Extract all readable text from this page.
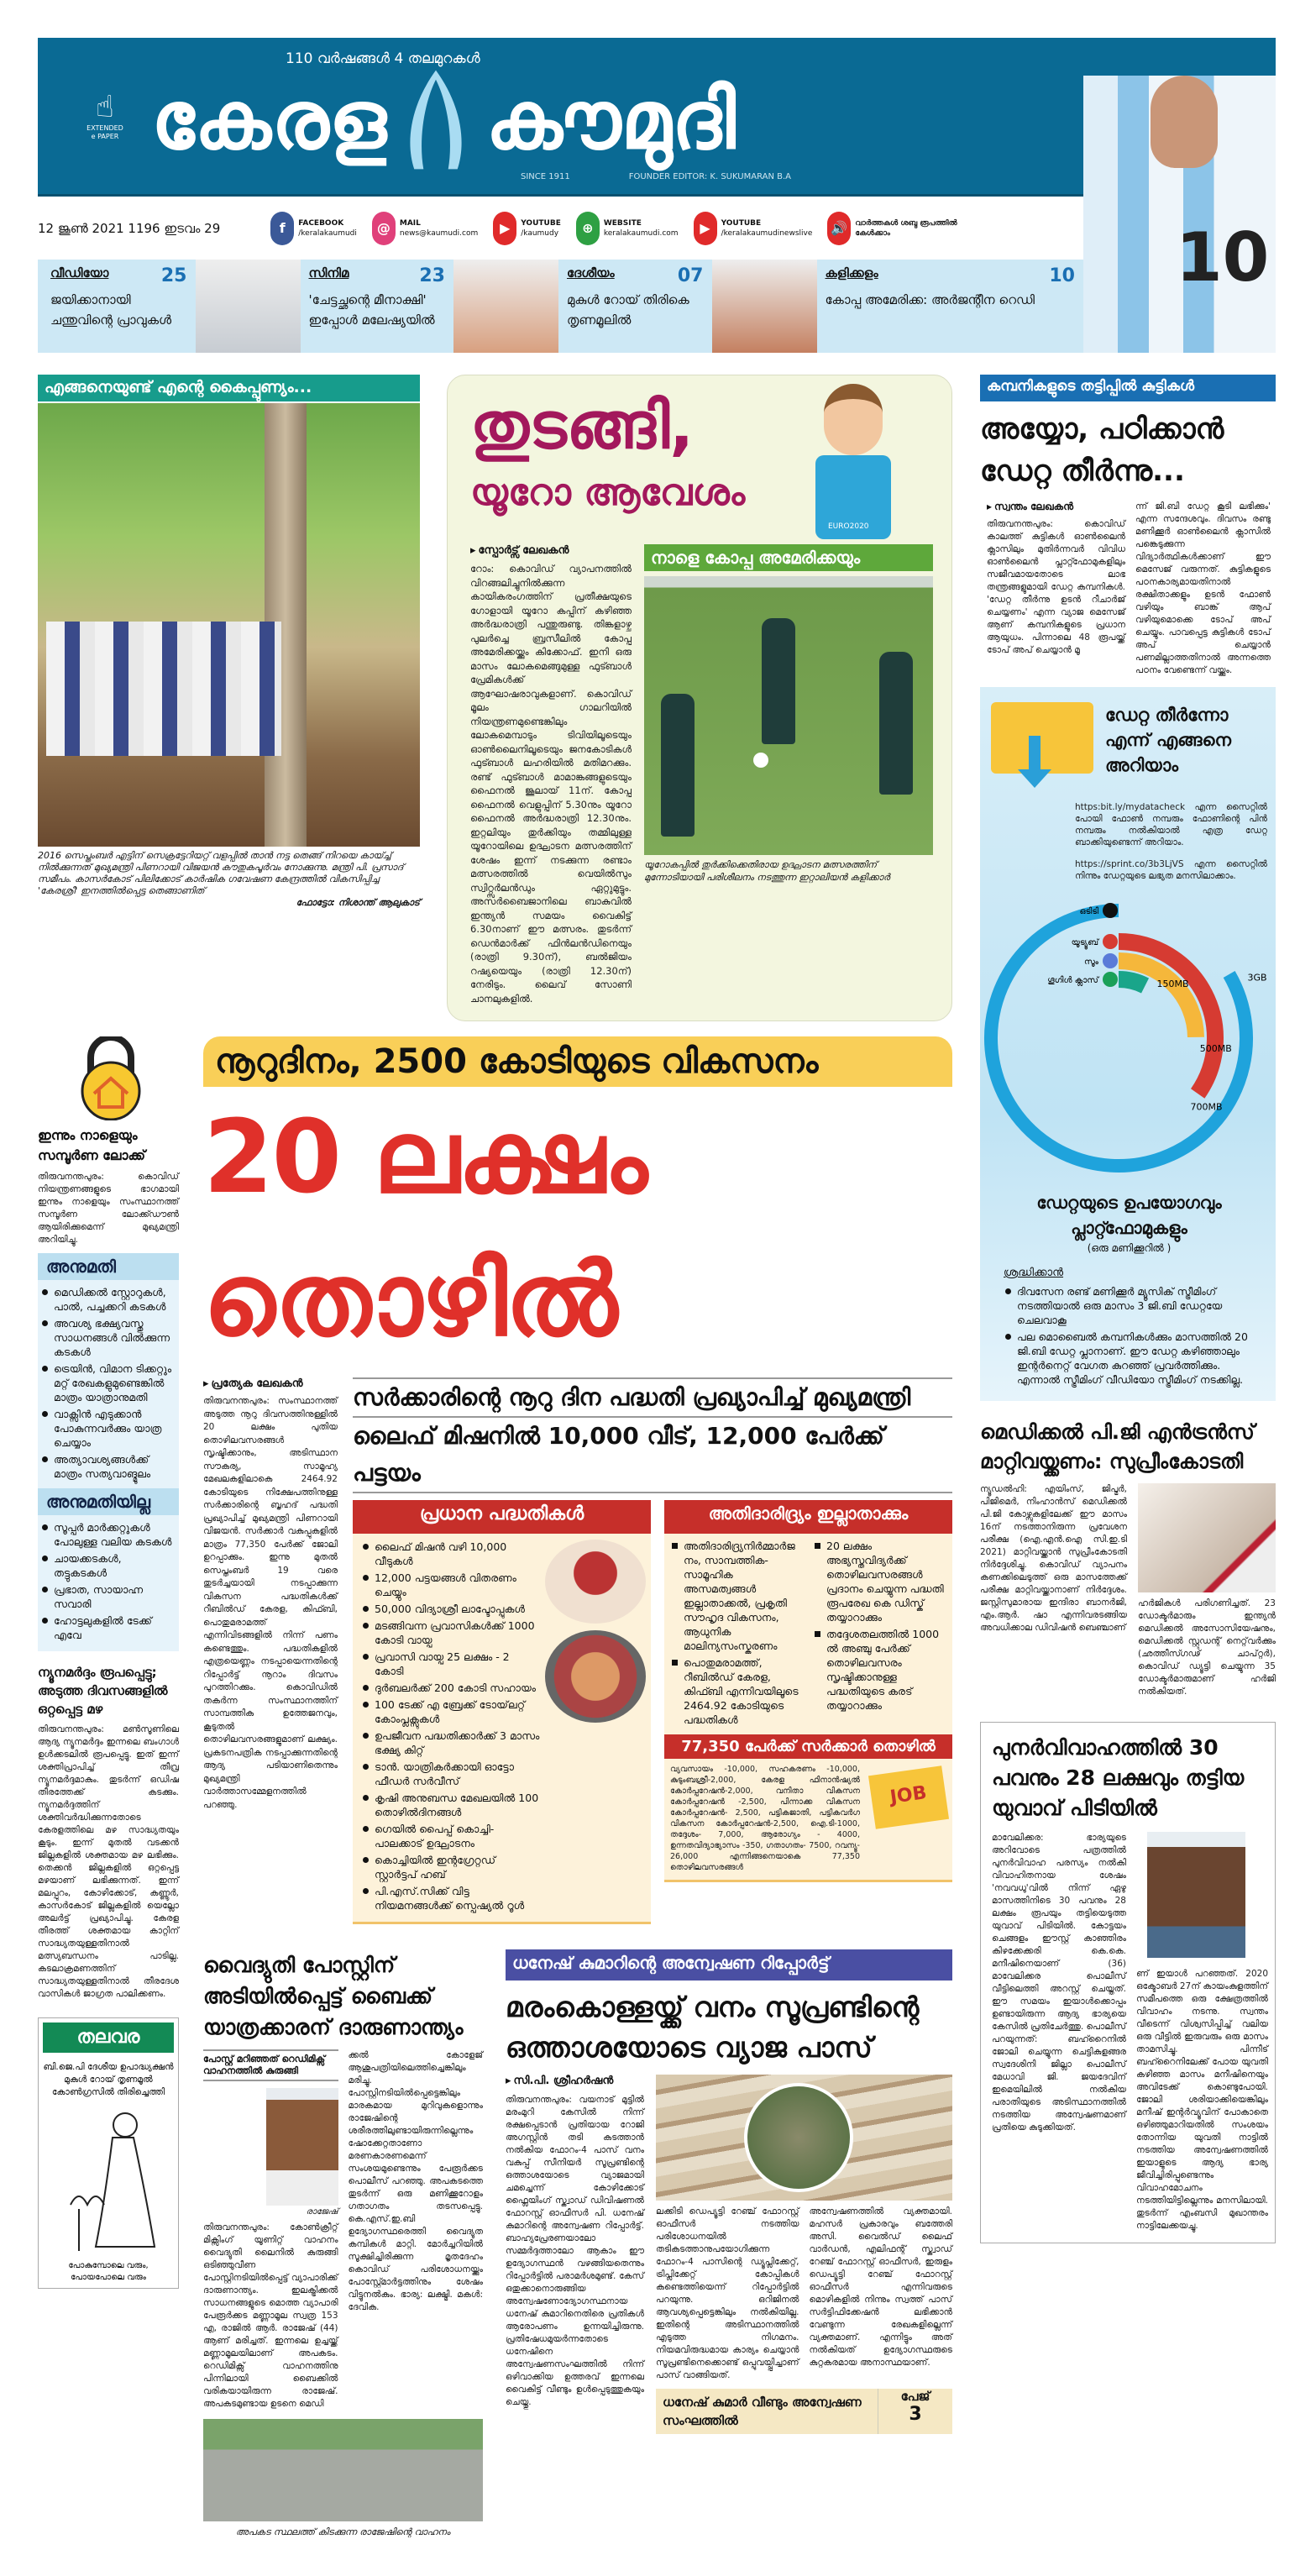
☝
EXTENDED e PAPER
110 വർഷങ്ങൾ 4 തലമുറകൾ
കേരള കൗമുദി
SINCE 1911	FOUNDER EDITOR: K. SUKUMARAN B.A
12 ജൂൺ 2021 1196 ഇടവം 29	f	FACEBOOK
/keralakaumudi	@	MAIL
news@kaumudi.com	▶	YOUTUBE
/kaumudy	⊕	WEBSITE
keralakaumudi.com	▶	YOUTUBE
/keralakaumudinewslive 🔊	വാർത്തകൾ ശബ്ദ രൂപത്തിൽ കേൾക്കാം
വീഡിയോ	25
ജയിക്കാനായി ചന്തുവിന്റെ പ്രാവുകൾ
സിനിമ	23
'ചേട്ടച്ഛന്റെ മീനാക്ഷി' ഇപ്പോൾ മലേഷ്യയിൽ
ദേശീയം	07
മുകുൾ റോയ് തിരികെ തൃണമൂലിൽ
കളിക്കളം	10
കോപ്പ അമേരിക്ക: അർജന്റീന റെഡി
10
എങ്ങനെയുണ്ട് എന്റെ കൈപ്പുണ്യം...
2016 സെപ്തംബർ എട്ടിന് സെക്രട്ടേറിയറ്റ് വളപ്പിൽ താൻ നട്ട തെങ്ങ് നിറയെ കായ്ച്ച് നിൽക്കുന്നത് മുഖ്യമന്ത്രി പിണറായി വിജയൻ കൗതുകപൂർവം നോക്കുന്നു. മന്ത്രി പി. പ്രസാദ് സമീപം. കാസർകോട് പിലിക്കോട് കാർഷിക ഗവേഷണ കേന്ദ്രത്തിൽ വികസിപ്പിച്ച 'കേരശ്രീ' ഇനത്തിൽപ്പെട്ട തെങ്ങാണിത്
ഫോട്ടോ: നിശാന്ത് ആലുകാട്
തുടങ്ങി,
യൂറോ ആവേശം
EURO2020
▸ സ്പോർട്സ് ലേഖകൻ
റോം: കൊവിഡ് വ്യാപനത്തിൽ വിറങ്ങലിച്ചുനിൽക്കുന്ന കായികരംഗത്തിന് പ്രതീക്ഷയുടെ ഗോളായി യൂറോ കപ്പിന് കഴിഞ്ഞ അർദ്ധരാത്രി പന്തുരുണ്ടു. തിങ്കളാഴ്ച പുലർച്ചെ ബ്രസീലിൽ കോപ്പ അമേരിക്കയ്ക്കും കിക്കോഫ്. ഇനി ഒരു മാസം ലോകമെങ്ങുമുള്ള ഫുട്ബാൾ പ്രേമികൾക്ക് ആഘോഷരാവുകളാണ്. കൊവിഡ് മൂലം ഗാലറിയിൽ നിയന്ത്രണമുണ്ടെങ്കിലും ലോകമെമ്പാടും ടിവിയിലൂടെയും ഓൺലൈനിലൂടെയും ജനകോടികൾ ഫുട്ബാൾ ലഹരിയിൽ മതിമറക്കും. രണ്ട് ഫുട്ബാൾ മാമാങ്കങ്ങളുടെയും ഫൈനൽ ജൂലായ് 11ന്. കോപ്പ ഫൈനൽ വെളുപ്പിന് 5.30നും യൂറോ ഫൈനൽ അർദ്ധരാത്രി 12.30നും. ഇറ്റലിയും തുർക്കിയും തമ്മിലുള്ള യൂറോയിലെ ഉദ്ഘാടന മത്സരത്തിന് ശേഷം ഇന്ന് നടക്കുന്ന രണ്ടാം മത്സരത്തിൽ വെയിൽസും സ്വിറ്റ്സർലൻഡും ഏറ്റുമുട്ടും. അസർബൈജാനിലെ ബാകുവിൽ ഇന്ത്യൻ സമയം വൈകിട്ട് 6.30നാണ് ഈ മത്സരം. തുടർന്ന് ഡെൻമാർക്ക് ഫിൻലൻഡിനെയും (രാത്രി 9.30ന്), ബൽജിയം റഷ്യയെയും (രാത്രി 12.30ന്) നേരിടും. ലൈവ് സോണി ചാനലുകളിൽ.
നാളെ കോപ്പ അമേരിക്കയും
യൂറോകപ്പിൽ തുർക്കിക്കെതിരായ ഉദ്ഘാടന മത്സരത്തിന് മുന്നോടിയായി പരിശീലനം നടത്തുന്ന ഇറ്റാലിയൻ കളിക്കാർ
ഇന്നും നാളെയും സമ്പൂർണ ലോക്ക്
തിരുവനന്തപുരം: കൊവിഡ് നിയന്ത്രണങ്ങളുടെ ഭാഗമായി ഇന്നും നാളെയും സംസ്ഥാനത്ത് സമ്പൂർണ ലോക്ക്ഡൗൺ ആയിരിക്കുമെന്ന് മുഖ്യമന്ത്രി അറിയിച്ചു.
അനുമതി
മെഡിക്കൽ സ്റ്റോറുകൾ, പാൽ, പച്ചക്കറി കടകൾ
അവശ്യ ഭക്ഷ്യവസ്തു സാധനങ്ങൾ വിൽക്കുന്ന കടകൾ
ട്രെയിൻ, വിമാന ടിക്കറ്റും മറ്റ് രേഖകളുമുണ്ടെങ്കിൽ മാത്രം യാത്രാനുമതി
വാക്സിൻ എടുക്കാൻ പോകുന്നവർക്കും യാത്ര ചെയ്യാം
അത്യാവശ്യങ്ങൾക്ക് മാത്രം സത്യവാങ്മൂലം
അനുമതിയില്ല
സൂപ്പർ മാർക്കറ്റുകൾ പോലുള്ള വലിയ കടകൾ
ചായക്കടകൾ, തട്ടുകടകൾ
പ്രഭാത, സായാഹ്ന സവാരി
ഹോട്ടലുകളിൽ ടേക്ക് എവേ
ന്യൂനമർദ്ദം രൂപപ്പെട്ടു; അടുത്ത ദിവസങ്ങളിൽ ഒറ്റപ്പെട്ട മഴ
തിരുവനന്തപുരം: മൺസൂണിലെ ആദ്യ ന്യൂനമർദ്ദം ഇന്നലെ ബംഗാൾ ഉൾക്കടലിൽ രൂപപ്പെട്ടു. ഇത് ഇന്ന് ശക്തിപ്രാപിച്ച് തീവ്ര ന്യൂനമർദ്ദമാകും. തുടർന്ന് ഒഡിഷ തീരത്തേക്ക് കടക്കും. ന്യൂനമർദ്ദത്തിന് ശക്തിവർദ്ധിക്കുന്നതോടെ കേരളത്തിലെ മഴ സാദ്ധ്യതയും കൂടും. ഇന്ന് മുതൽ വടക്കൻ ജില്ലകളിൽ ശക്തമായ മഴ ലഭിക്കും. തെക്കൻ ജില്ലകളിൽ ഒറ്റപ്പെട്ട മഴയാണ് ലഭിക്കുന്നത്. ഇന്ന് മലപ്പുറം, കോഴിക്കോട്, കണ്ണൂർ, കാസർകോട് ജില്ലകളിൽ യെല്ലോ അലർട്ട് പ്രഖ്യാപിച്ചു. കേരള തീരത്ത് ശക്തമായ കാറ്റിന് സാദ്ധ്യതയുള്ളതിനാൽ മത്സ്യബന്ധനം പാടില്ല. കടലാക്രമണത്തിന് സാദ്ധ്യതയുള്ളതിനാൽ തീരദേശ വാസികൾ ജാഗ്രത പാലിക്കണം.
തലവര
ബി.ജെ.പി ദേശീയ ഉപാദ്ധ്യക്ഷൻ മുകുൾ റോയ് തൃണമൂൽ കോൺഗ്രസിൽ തിരിച്ചെത്തി
പോകുമ്പോലെ വരും, പോയപോലെ വരും
നൂറുദിനം, 2500 കോടിയുടെ വികസനം
20 ലക്ഷം തൊഴിൽ
▸ പ്രത്യേക ലേഖകൻ
തിരുവനന്തപുരം: സംസ്ഥാനത്ത് അടുത്ത നൂറു ദിവസത്തിനുള്ളിൽ 20 ലക്ഷം പുതിയ തൊഴിലവസരങ്ങൾ സൃഷ്ടിക്കാനും, അടിസ്ഥാന സൗകര്യ, സാമൂഹ്യ മേഖലകളിലാകെ 2464.92 കോടിയുടെ നിക്ഷേപത്തിനുള്ള സർക്കാരിന്റെ ബൃഹദ് പദ്ധതി പ്രഖ്യാപിച്ച് മുഖ്യമന്ത്രി പിണറായി വിജയൻ. സർക്കാർ വകുപ്പുകളിൽ മാത്രം 77,350 പേർക്ക് ജോലി ഉറപ്പാക്കും. ഇന്നു മുതൽ സെപ്തംബർ 19 വരെ തുടർച്ചയായി നടപ്പാക്കുന്ന വികസന പദ്ധതികൾക്ക് റീബിൽഡ് കേരള, കിഫ്ബി, പൊതുമരാമത്ത് എന്നിവിടങ്ങളിൽ നിന്ന് പണം കണ്ടെത്തും. പദ്ധതികളിൽ എത്രയെണ്ണം നടപ്പായെന്നതിന്റെ റിപ്പോർട്ട് നൂറാം ദിവസം പുറത്തിറക്കും. കൊവിഡിൽ തകർന്ന സംസ്ഥാനത്തിന് സാമ്പത്തിക ഉത്തേജനവും, കൂടുതൽ തൊഴിലവസരങ്ങളുമാണ് ലക്ഷ്യം. പ്രകടനപത്രിക നടപ്പാക്കുന്നതിന്റെ ആദ്യ പടിയാണിതെന്നും മുഖ്യമന്ത്രി വാർത്താസമ്മേളനത്തിൽ പറഞ്ഞു.
സർക്കാരിന്റെ നൂറു ദിന പദ്ധതി പ്രഖ്യാപിച്ച് മുഖ്യമന്ത്രി
ലൈഫ് മിഷനിൽ 10,000 വീട്, 12,000 പേർക്ക് പട്ടയം
പ്രധാന പദ്ധതികൾ
ലൈഫ് മിഷൻ വഴി 10,000 വീടുകൾ
12,000 പട്ടയങ്ങൾ വിതരണം ചെയ്യും
50,000 വിദ്യാശ്രീ ലാപ്ടോപ്പുകൾ
മടങ്ങിവന്ന പ്രവാസികൾക്ക് 1000 കോടി വായ്പ
പ്രവാസി വായ്പ 25 ലക്ഷം - 2 കോടി
ദുർബലർക്ക് 200 കോടി സഹായം
100 ടേക്ക് എ ബ്രേക്ക് ടോയ്‌ലറ്റ് കോംപ്ലക്സുകൾ
ഉപജീവന പദ്ധതിക്കാർക്ക് 3 മാസം ഭക്ഷ്യ കിറ്റ്
ടാൻ. യാത്രികർക്കായി ഓട്ടോ ഫീഡർ സർവീസ്
കൃഷി അനുബന്ധ മേഖലയിൽ 100 തൊഴിൽദിനങ്ങൾ
ഗെയിൽ പൈപ്പ് കൊച്ചി-പാലക്കാട് ഉദ്ഘാടനം
കൊച്ചിയിൽ ഇന്റഗ്രേറ്റഡ് സ്റ്റാർട്ടപ് ഹബ്
പി.എസ്.സിക്ക് വിട്ട നിയമനങ്ങൾക്ക് സ്പെഷ്യൽ റൂൾ
അതിദാരിദ്ര്യം ഇല്ലാതാക്കും
അതിദാരിദ്ര്യനിർമ്മാർജനം, സാമ്പത്തിക- സാമൂഹിക അസമത്വങ്ങൾ ഇല്ലാതാക്കൽ, പ്രകൃതി സൗഹൃദ വികസനം, ആധുനിക മാലിന്യസംസ്കരണം
പൊതുമരാമത്ത്, റീബിൽഡ് കേരള, കിഫ്ബി എന്നിവയിലൂടെ 2464.92 കോടിയുടെ പദ്ധതികൾ
20 ലക്ഷം അഭ്യസ്തവിദ്യർക്ക് തൊഴിലവസരങ്ങൾ പ്രദാനം ചെയ്യുന്ന പദ്ധതി രൂപരേഖ കെ ഡിസ്ക് തയ്യാറാക്കും
തദ്ദേശതലത്തിൽ 1000 ൽ അഞ്ചു പേർക്ക് തൊഴിലവസരം സൃഷ്ടിക്കാനുള്ള പദ്ധതിയുടെ കരട് തയ്യാറാക്കും
77,350 പേർക്ക് സർക്കാർ തൊഴിൽ
വ്യവസായം -10,000, സഹകരണം -10,000, കുടുംബശ്രീ-2,000, കേരള ഫിനാൻഷ്യൽ കോർപ്പറേഷൻ-2,000, വനിതാ വികസന കോർപ്പറേഷൻ -2,500, പിന്നാക്ക വികസന കോർപ്പറേഷൻ- 2,500, പട്ടികജാതി, പട്ടികവർഗ വികസന കോർപ്പറേഷൻ-2,500, ഐ.ടി-1000, തദ്ദേശം- 7,000, ആരോഗ്യം - 4000, ഉന്നതവിദ്യാഭ്യാസം -350, ഗതാഗതം- 7500, റവന്യൂ- 26,000 എന്നിങ്ങനെയാകെ 77,350 തൊഴിലവസരങ്ങൾ
JOB
വൈദ്യുതി പോസ്റ്റിന് അടിയിൽപ്പെട്ട് ബൈക്ക് യാത്രക്കാരന് ദാരുണാന്ത്യം
പോസ്റ്റ് മറിഞ്ഞത് റെഡിമിക്സ് വാഹനത്തിൽ കുരുങ്ങി
രാജേഷ്
തിരുവനന്തപുരം: കോൺക്രീറ്റ് മിക്സിംഗ് യൂണിറ്റ് വാഹനം വൈദ്യുതി ലൈനിൽ കുരുങ്ങി ഒടിഞ്ഞുവീണ പോസ്റ്റിനടിയിൽപ്പെട്ട് വ്യാപാരിക്ക് ദാരുണാന്ത്യം. ഇലക്ട്രിക്കൽ സാധനങ്ങളുടെ മൊത്ത വ്യാപാരി പേരൂർക്കട മണ്ണാമൂല സ്വത്ര 153 എ, രാജിൽ ആർ. രാജേഷ് (44) ആണ് മരിച്ചത്. ഇന്നലെ ഉച്ചയ്ക്ക് മണ്ണാമൂലയിലാണ് അപകടം. റെഡിമിക്സ് വാഹനത്തിനു പിന്നിലായി ബൈക്കിൽ വരികയായിരുന്ന രാജേഷ്. അപകടമുണ്ടായ ഉടനെ മെഡി
ക്കൽ കോളേജ് ആശുപത്രിയിലെത്തിച്ചെങ്കിലും മരിച്ചു. പോസ്റ്റിനടിയിൽപ്പെട്ടെങ്കിലും മാരകമായ മുറിവുകളൊന്നും രാജേഷിന്റെ ശരീരത്തിലുണ്ടായിരുന്നില്ലെന്നും ഷോക്കേറ്റതാണോ മരണകാരണമെന്ന് സംശയമുണ്ടെന്നും പേരൂർക്കട പൊലീസ് പറഞ്ഞു. അപകടത്തെ തുടർന്ന് ഒരു മണിക്കൂറോളം ഗതാഗതം തടസപ്പെട്ടു. കെ.എസ്.ഇ.ബി ഉദ്യോഗസ്ഥരെത്തി വൈദ്യുത കമ്പികൾ മാറ്റി. മോർച്ചറിയിൽ സൂക്ഷിച്ചിരിക്കുന്ന മൃതദേഹം കൊവിഡ് പരിശോധനയ്ക്കും പോസ്റ്റ്മോർട്ടത്തിനും ശേഷം വിട്ടുനൽകും. ഭാര്യ: ലക്ഷ്മി. മകൾ: ദേവിക.
അപകട സ്ഥലത്ത് കിടക്കുന്ന രാജേഷിന്റെ വാഹനം
ധനേഷ് കുമാറിന്റെ അന്വേഷണ റിപ്പോർട്ട്
മരംകൊള്ളയ്ക്ക് വനം സൂപ്രണ്ടിന്റെ ഒത്താശയോടെ വ്യാജ പാസ്
▸ സി.പി. ശ്രീഹർഷൻ
തിരുവനന്തപുരം: വയനാട് മുട്ടിൽ മരംമുറി കേസിൽ നിന്ന് രക്ഷപ്പെടാൻ പ്രതിയായ റോജി അഗസ്റ്റിൻ തടി കടത്താൻ നൽകിയ ഫോറം-4 പാസ് വനം വകുപ്പ് സീനിയർ സൂപ്രണ്ടിന്റെ ഒത്താശയോടെ വ്യാജമായി ചമച്ചെന്ന് കോഴിക്കോട് ഫ്ലൈയിംഗ് സ്ക്വാഡ് ഡിവിഷണൽ ഫോറസ്റ്റ് ഓഫീസർ പി. ധനേഷ് കുമാറിന്റെ അന്വേഷണ റിപ്പോർട്ട്. ബാഹ്യപ്രേരണയാലോ സമ്മർദ്ദത്താലോ ആകാം ഈ ഉദ്യോഗസ്ഥൻ വഴങ്ങിയതെന്നും റിപ്പോർട്ടിൽ പരാമർശമുണ്ട്. കേസ് ഒതുക്കാനൊരുങ്ങിയ അന്വേഷണോദ്യോഗസ്ഥനായ ധനേഷ് കുമാറിനെതിരെ പ്രതികൾ ആരോപണം ഉന്നയിച്ചിരുന്നു. പ്രതിഷേധമുയർന്നതോടെ ധനേഷിനെ അന്വേഷണസംഘത്തിൽ നിന്ന് ഒഴിവാക്കിയ ഉത്തരവ് ഇന്നലെ വൈകിട്ട് വീണ്ടും ഉൾപ്പെടുത്തുകയും ചെയ്തു.
ലക്കിടി ഡെപ്യൂട്ടി റേഞ്ച് ഫോറസ്റ്റ് ഓഫീസർ നടത്തിയ പരിശോധനയിൽ തടികടത്താനുപയോഗിക്കുന്ന ഫോറം-4 പാസിന്റെ ഡ്യൂപ്ലിക്കേറ്റ്, ട്രിപ്ലിക്കേറ്റ് കോപ്പികൾ കണ്ടെത്തിയെന്ന് റിപ്പോർട്ടിൽ പറയുന്നു. ഒറിജിനൽ ആവശ്യപ്പെട്ടെങ്കിലും നൽകിയില്ല. ഇതിന്റെ അടിസ്ഥാനത്തിൽ എടുത്ത നിഗമനം. നിയമവിരുദ്ധമായ കാര്യം ചെയ്യാൻ സൂപ്രണ്ടിനെക്കൊണ്ട് ഒപ്പുവയ്പ്പിച്ചാണ് പാസ് വാങ്ങിയത്.
അന്വേഷണത്തിൽ വ്യക്തമായി. മഹസർ പ്രകാരവും ബത്തേരി അസി. വൈൽഡ് ലൈഫ് വാർഡൻ, എലിഫന്റ് സ്ക്വാഡ് റേഞ്ച് ഫോറസ്റ്റ് ഓഫീസർ, ഇരുളം ഡെപ്യൂട്ടി റേഞ്ച് ഫോറസ്റ്റ് ഓഫീസർ എന്നിവരുടെ മൊഴികളിൽ നിന്നും സ്വത്ത് പാസ് സർട്ടിഫിക്കേഷൻ ലഭിക്കാൻ വേണ്ടുന്ന രേഖകളില്ലെന്ന് വ്യക്തമാണ്. എന്നിട്ടും അത് നൽകിയത് ഉദ്യോഗസ്ഥരുടെ കുറ്റകരമായ അനാസ്ഥയാണ്.
ധനേഷ് കുമാർ വീണ്ടും അന്വേഷണ സംഘത്തിൽ
പേജ്
3
കമ്പനികളുടെ തട്ടിപ്പിൽ കുട്ടികൾ
അയ്യോ, പഠിക്കാൻ ഡേറ്റ തീർന്നു...
▸ സ്വന്തം ലേഖകൻ
തിരുവനന്തപുരം: കൊവിഡ് കാലത്ത് കുട്ടികൾ ഓൺലൈൻ ക്ലാസിലും മുതിർന്നവർ വിവിധ ഓൺലൈൻ പ്ലാറ്റ്ഫോമുകളിലും സജീവമായതോടെ ലാഭ തന്ത്രങ്ങളുമായി ഡേറ്റ കമ്പനികൾ. 'ഡേറ്റ തീർന്നു ഉടൻ റീചാർജ് ചെയ്യണം' എന്ന വ്യാജ മെസേജ് ആണ് കമ്പനികളുടെ പ്രധാന ആയുധം. പിന്നാലെ 48 രൂപയ്ക്ക് ടോപ് അപ് ചെയ്യാൻ മൂ
ന്ന് ജി.ബി ഡേറ്റ കൂടി ലഭിക്കും' എന്ന സന്ദേശവും. ദിവസം രണ്ടു മണിക്കൂർ ഓൺലൈൻ ക്ലാസിൽ പങ്കെടുക്കുന്ന വിദ്യാർത്ഥികൾക്കാണ് ഈ മെസേജ് വരുന്നത്. കുട്ടികളുടെ പഠനകാര്യമായതിനാൽ രക്ഷിതാക്കളും ഉടൻ ഫോൺ വഴിയും ബാങ്ക് ആപ് വഴിയുമൊക്കെ ടോപ് അപ് ചെയ്യും. പാവപ്പെട്ട കുട്ടികൾ ടോപ് അപ് ചെയ്യാൻ പണമില്ലാത്തതിനാൽ അന്നത്തെ പഠനം വേണ്ടെന്ന് വയ്ക്കും.
ഡേറ്റ തീർന്നോ എന്ന് എങ്ങനെ അറിയാം
https:bit.ly/mydatacheck എന്ന സൈറ്റിൽ പോയി ഫോൺ നമ്പരും ഫോണിന്റെ പിൻ നമ്പരും നൽകിയാൽ എത്ര ഡേറ്റ ബാക്കിയുണ്ടെന്ന് അറിയാം.
https://sprint.co/3b3LjVS എന്ന സൈറ്റിൽ നിന്നും ഡേറ്റയുടെ ലഭ്യത മനസിലാക്കാം.
3GB
ഒടിടി
700MB
യൂട്യൂബ്
500MB
സൂം
150MB
ഗൂഗിൾ ക്ലാസ്
ഡേറ്റയുടെ ഉപയോഗവും പ്ലാറ്റ്ഫോമുകളും
(ഒരു മണിക്കൂറിൽ )
ശ്രദ്ധിക്കാൻ
ദിവസേന രണ്ട് മണിക്കൂർ മ്യൂസിക് സ്ട്രീമിംഗ് നടത്തിയാൽ ഒരു മാസം 3 ജി.ബി ഡേറ്റയേ ചെലവാകൂ
പല മൊബൈൽ കമ്പനികൾക്കും മാസത്തിൽ 20 ജി.ബി ഡേറ്റ പ്ലാനാണ്. ഈ ഡേറ്റ കഴിഞ്ഞാലും ഇന്റർനെറ്റ് വേഗത കുറഞ്ഞ് പ്രവർത്തിക്കും. എന്നാൽ സ്ട്രീമിംഗ് വീഡിയോ സ്ട്രീമിംഗ് നടക്കില്ല.
മെഡിക്കൽ പി.ജി എൻട്രൻസ് മാറ്റിവയ്ക്കണം: സുപ്രീംകോടതി
ന്യൂഡൽഹി: എയിംസ്, ജിപ്മർ, പിജിമെർ, നിംഹാൻസ് മെഡിക്കൽ പി.ജി കോഴ്സുകളിലേക്ക് ഈ മാസം 16ന് നടത്താനിരുന്ന പ്രവേശന പരീക്ഷ (ഐ.എൻ.ഐ സി.ഇ.ടി 2021) മാറ്റിവയ്ക്കാൻ സുപ്രീംകോടതി നിർദ്ദേശിച്ചു. കൊവിഡ് വ്യാപനം കണക്കിലെടുത്ത് ഒരു മാസത്തേക്ക് പരീക്ഷ മാറ്റിവയ്ക്കാനാണ് നിർദ്ദേശം. ജസ്റ്റിസുമാരായ ഇന്ദിരാ ബാനർജി, എം.ആർ. ഷാ എന്നിവരടങ്ങിയ അവധിക്കാല ഡിവിഷൻ ബെഞ്ചാണ്
ഹർജികൾ പരിഗണിച്ചത്. 23 ഡോക്ടർമാരും ഇന്ത്യൻ മെഡിക്കൽ അസോസിയേഷനും, മെഡിക്കൽ സ്റ്റുഡന്റ് നെറ്റ്‌വർക്കും (ഛത്തീസ്ഗഢ് ചാപ്റ്റർ), കൊവിഡ് ഡ്യൂട്ടി ചെയ്യുന്ന 35 ഡോക്ടർമാരുമാണ് ഹർജി നൽകിയത്.
പുനർവിവാഹത്തിൽ 30 പവനും 28 ലക്ഷവും തട്ടിയ യുവാവ് പിടിയിൽ
മാവേലിക്കര: ഭാര്യയുടെ അറിവോടെ പത്രത്തിൽ പുനർവിവാഹ പരസ്യം നൽകി വിവാഹിതനായ ശേഷം 'നവവധു'വിൽ നിന്ന് ഏഴു മാസത്തിനിടെ 30 പവനും 28 ലക്ഷം രൂപയും തട്ടിയെടുത്ത യുവാവ് പിടിയിൽ. കോട്ടയം ചെങ്ങളം ഈസ്റ്റ് കാഞ്ഞിരം കിഴക്കേക്കരി കെ.കെ. മനീഷിനെയാണ് (36) മാവേലിക്കര പൊലീസ് വീട്ടിലെത്തി അറസ്റ്റ് ചെയ്തത്. ഈ സമയം ഇയാൾക്കൊപ്പം ഉണ്ടായിരുന്ന ആദ്യ ഭാര്യയെ കേസിൽ പ്രതിചേർത്തു. പൊലീസ് പറയുന്നത്: ബഹ്റൈനിൽ ജോലി ചെയ്യുന്ന ചെട്ടികുളങ്ങര സ്വദേശിനി ജില്ലാ പൊലീസ് മേധാവി ജി. ജയദേവിന് ഇമെയിലിൽ നൽകിയ പരാതിയുടെ അടിസ്ഥാനത്തിൽ നടത്തിയ അന്വേഷണമാണ് പ്രതിയെ കുടുക്കിയത്.
ണ് ഇയാൾ പറഞ്ഞത്. 2020 ഒക്ടോബർ 27ന് കായംകുളത്തിന് സമീപത്തെ ഒരു ക്ഷേത്രത്തിൽ വിവാഹം നടന്നു. സ്വന്തം വീടെന്ന് വിശ്വസിപ്പിച്ച് വലിയ ഒരു വീട്ടിൽ ഇരുവരും ഒരു മാസം താമസിച്ചു. പിന്നീട് ബഹ്റൈനിലേക്ക് പോയ യുവതി കഴിഞ്ഞ മാസം മനീഷിനെയും അവിടേക്ക് കൊണ്ടുപോയി. ജോലി ശരിയാക്കിയെങ്കിലും മനീഷ് ഇന്റർവ്യൂവിന് പോകാതെ ഒഴിഞ്ഞുമാറിയതിൽ സംശയം തോന്നിയ യുവതി നാട്ടിൽ നടത്തിയ അന്വേഷണത്തിൽ ഇയാളുടെ ആദ്യ ഭാര്യ ജീവിച്ചിരിപ്പുണ്ടെന്നും വിവാഹമോചനം നടത്തിയിട്ടില്ലെന്നും മനസിലായി. തുടർന്ന് എംബസി മുഖാന്തരം നാട്ടിലേക്കയച്ചു.
